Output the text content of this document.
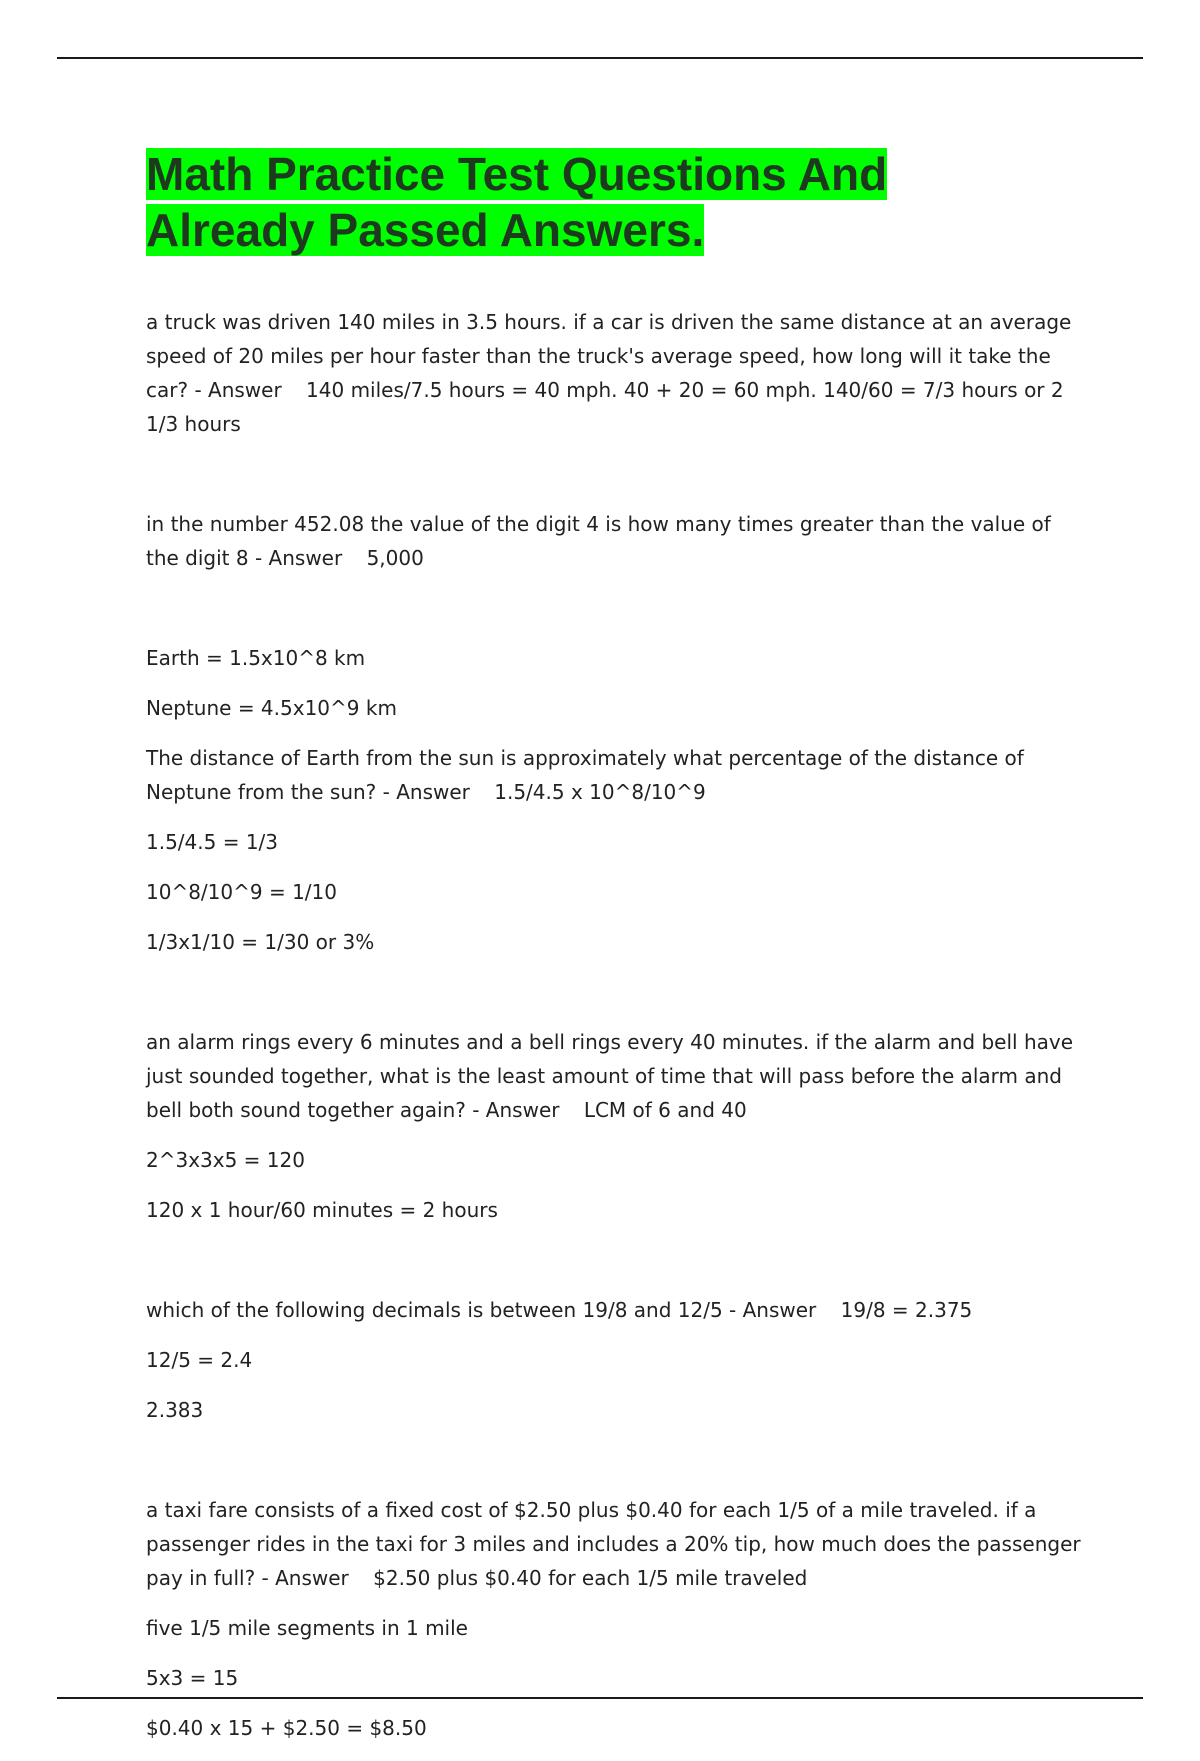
Math Practice Test Questions And
Already Passed Answers.

a truck was driven 140 miles in 3.5 hours. if a car is driven the same distance at an average speed of 20 miles per hour faster than the truck's average speed, how long will it take the car? - Answer 140 miles/7.5 hours = 40 mph. 40 + 20 = 60 mph. 140/60 = 7/3 hours or 2 1/3 hours

in the number 452.08 the value of the digit 4 is how many times greater than the value of the digit 8 - Answer 5,000

Earth = 1.5x10^8 km

Neptune = 4.5x10^9 km

The distance of Earth from the sun is approximately what percentage of the distance of Neptune from the sun? - Answer 1.5/4.5 x 10^8/10^9

1.5/4.5 = 1/3

10^8/10^9 = 1/10

1/3x1/10 = 1/30 or 3%

an alarm rings every 6 minutes and a bell rings every 40 minutes. if the alarm and bell have just sounded together, what is the least amount of time that will pass before the alarm and bell both sound together again? - Answer LCM of 6 and 40

2^3x3x5 = 120

120 x 1 hour/60 minutes = 2 hours

which of the following decimals is between 19/8 and 12/5 - Answer 19/8 = 2.375

12/5 = 2.4

2.383

a taxi fare consists of a fixed cost of $2.50 plus $0.40 for each 1/5 of a mile traveled. if a passenger rides in the taxi for 3 miles and includes a 20% tip, how much does the passenger pay in full? - Answer $2.50 plus $0.40 for each 1/5 mile traveled

five 1/5 mile segments in 1 mile

5x3 = 15

$0.40 x 15 + $2.50 = $8.50
